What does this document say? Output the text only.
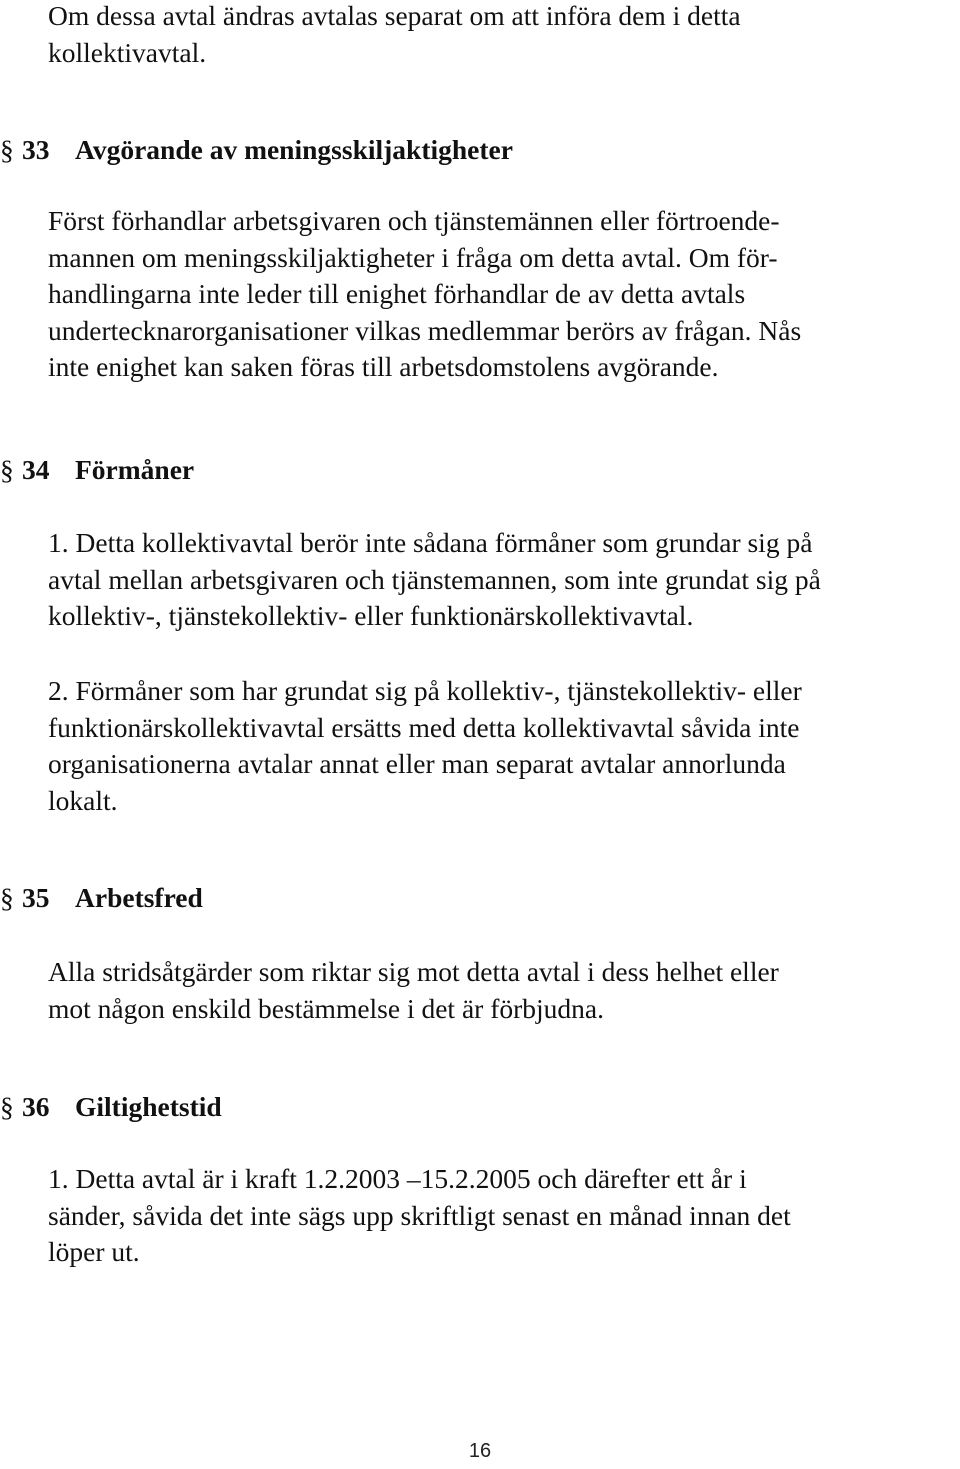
Om dessa avtal ändras avtalas separat om att införa dem i detta
kollektivavtal.

§ 33 Avgörande av meningsskiljaktigheter

Först förhandlar arbetsgivaren och tjänstemännen eller förtroende-
mannen om meningsskiljaktigheter i fråga om detta avtal. Om för-
handlingarna inte leder till enighet förhandlar de av detta avtals
undertecknarorganisationer vilkas medlemmar berörs av frågan. Nås
inte enighet kan saken föras till arbetsdomstolens avgörande.

§ 34 Förmåner

1. Detta kollektivavtal berör inte sådana förmåner som grundar sig på
avtal mellan arbetsgivaren och tjänstemannen, som inte grundat sig på
kollektiv-, tjänstekollektiv- eller funktionärskollektivavtal.

2. Förmåner som har grundat sig på kollektiv-, tjänstekollektiv- eller
funktionärskollektivavtal ersätts med detta kollektivavtal såvida inte
organisationerna avtalar annat eller man separat avtalar annorlunda
lokalt.

§ 35 Arbetsfred

Alla stridsåtgärder som riktar sig mot detta avtal i dess helhet eller
mot någon enskild bestämmelse i det är förbjudna.

§ 36 Giltighetstid

1. Detta avtal är i kraft 1.2.2003 –15.2.2005 och därefter ett år i
sänder, såvida det inte sägs upp skriftligt senast en månad innan det
löper ut.

16
